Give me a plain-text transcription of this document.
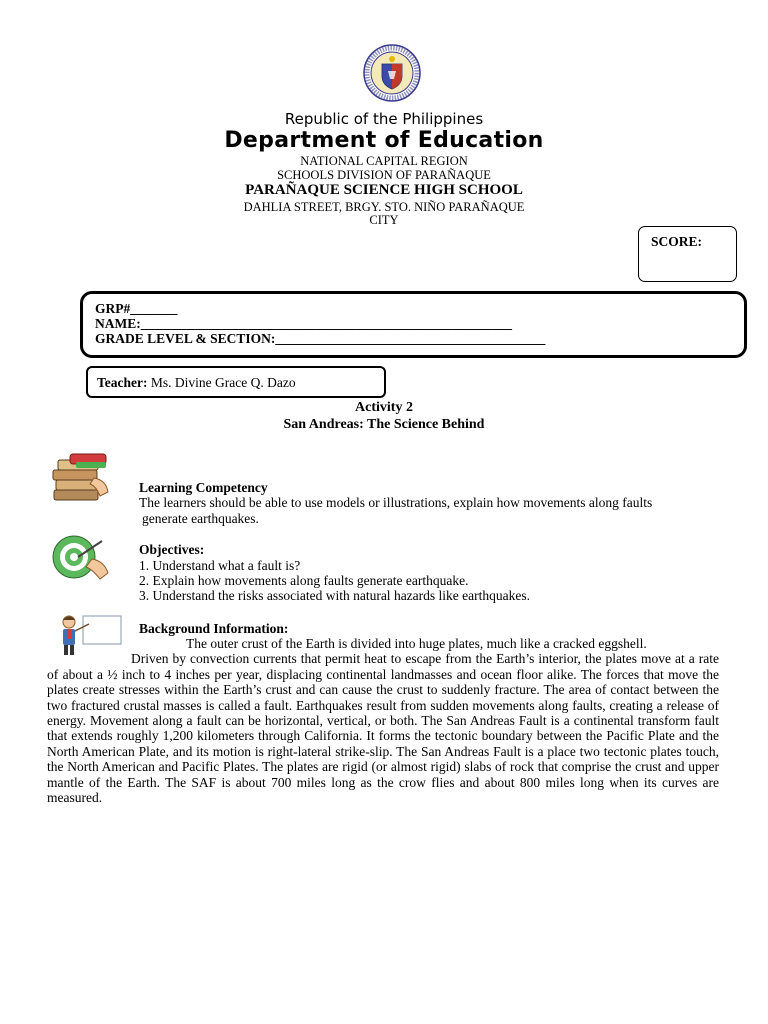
Republic of the Philippines
Department of Education
NATIONAL CAPITAL REGION
SCHOOLS DIVISION OF PARAÑAQUE
PARAÑAQUE SCIENCE HIGH SCHOOL
DAHLIA STREET, BRGY. STO. NIÑO PARAÑAQUE
CITY
SCORE:
GRP#_______
NAME:_______________________________________________________
GRADE LEVEL & SECTION:________________________________________
Teacher: Ms. Divine Grace Q. Dazo
Activity 2
San Andreas: The Science Behind
Learning Competency
The learners should be able to use models or illustrations, explain how movements along faults
generate earthquakes.
Objectives:
1. Understand what a fault is?
2. Explain how movements along faults generate earthquake.
3. Understand the risks associated with natural hazards like earthquakes.
Background Information:
The outer crust of the Earth is divided into huge plates, much like a cracked eggshell.
Driven by convection currents that permit heat to escape from the Earth’s interior, the plates move at a rate of about a ½ inch to 4 inches per year, displacing continental landmasses and ocean floor alike. The forces that move the plates create stresses within the Earth’s crust and can cause the crust to suddenly fracture. The area of contact between the two fractured crustal masses is called a fault. Earthquakes result from sudden movements along faults, creating a release of energy. Movement along a fault can be horizontal, vertical, or both. The San Andreas Fault is a continental transform fault that extends roughly 1,200 kilometers through California. It forms the tectonic boundary between the Pacific Plate and the North American Plate, and its motion is right-lateral strike-slip. The San Andreas Fault is a place two tectonic plates touch, the North American and Pacific Plates. The plates are rigid (or almost rigid) slabs of rock that comprise the crust and upper mantle of the Earth. The SAF is about 700 miles long as the crow flies and about 800 miles long when its curves are measured.
